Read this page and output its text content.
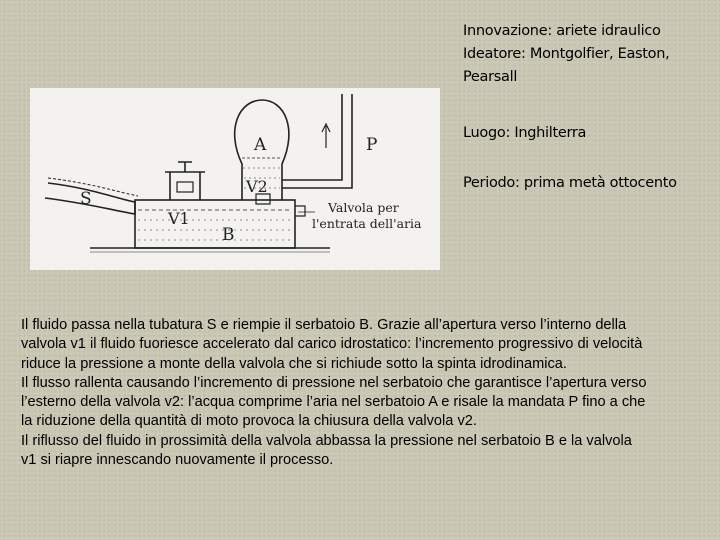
Innovazione: ariete idraulico
Ideatore: Montgolfier, Easton,
Pearsall
Luogo: Inghilterra
Periodo: prima metà ottocento
A	P
S
V1
V2
B
Valvola per
l'entrata dell'aria

Il fluido passa nella tubatura S e riempie il serbatoio B. Grazie all’apertura verso l’interno della valvola v1 il fluido fuoriesce accelerato dal carico idrostatico: l’incremento progressivo di velocità riduce la pressione a monte della valvola che si richiude sotto la spinta idrodinamica.

Il flusso rallenta causando l’incremento di pressione nel serbatoio che garantisce l’apertura verso l’esterno della valvola v2: l’acqua comprime l’aria nel serbatoio A e risale la mandata P fino a che la riduzione della quantità di moto provoca la chiusura della valvola v2.

Il riflusso del fluido in prossimità della valvola abbassa la pressione nel serbatoio B e la valvola v1 si riapre innescando nuovamente il processo.
